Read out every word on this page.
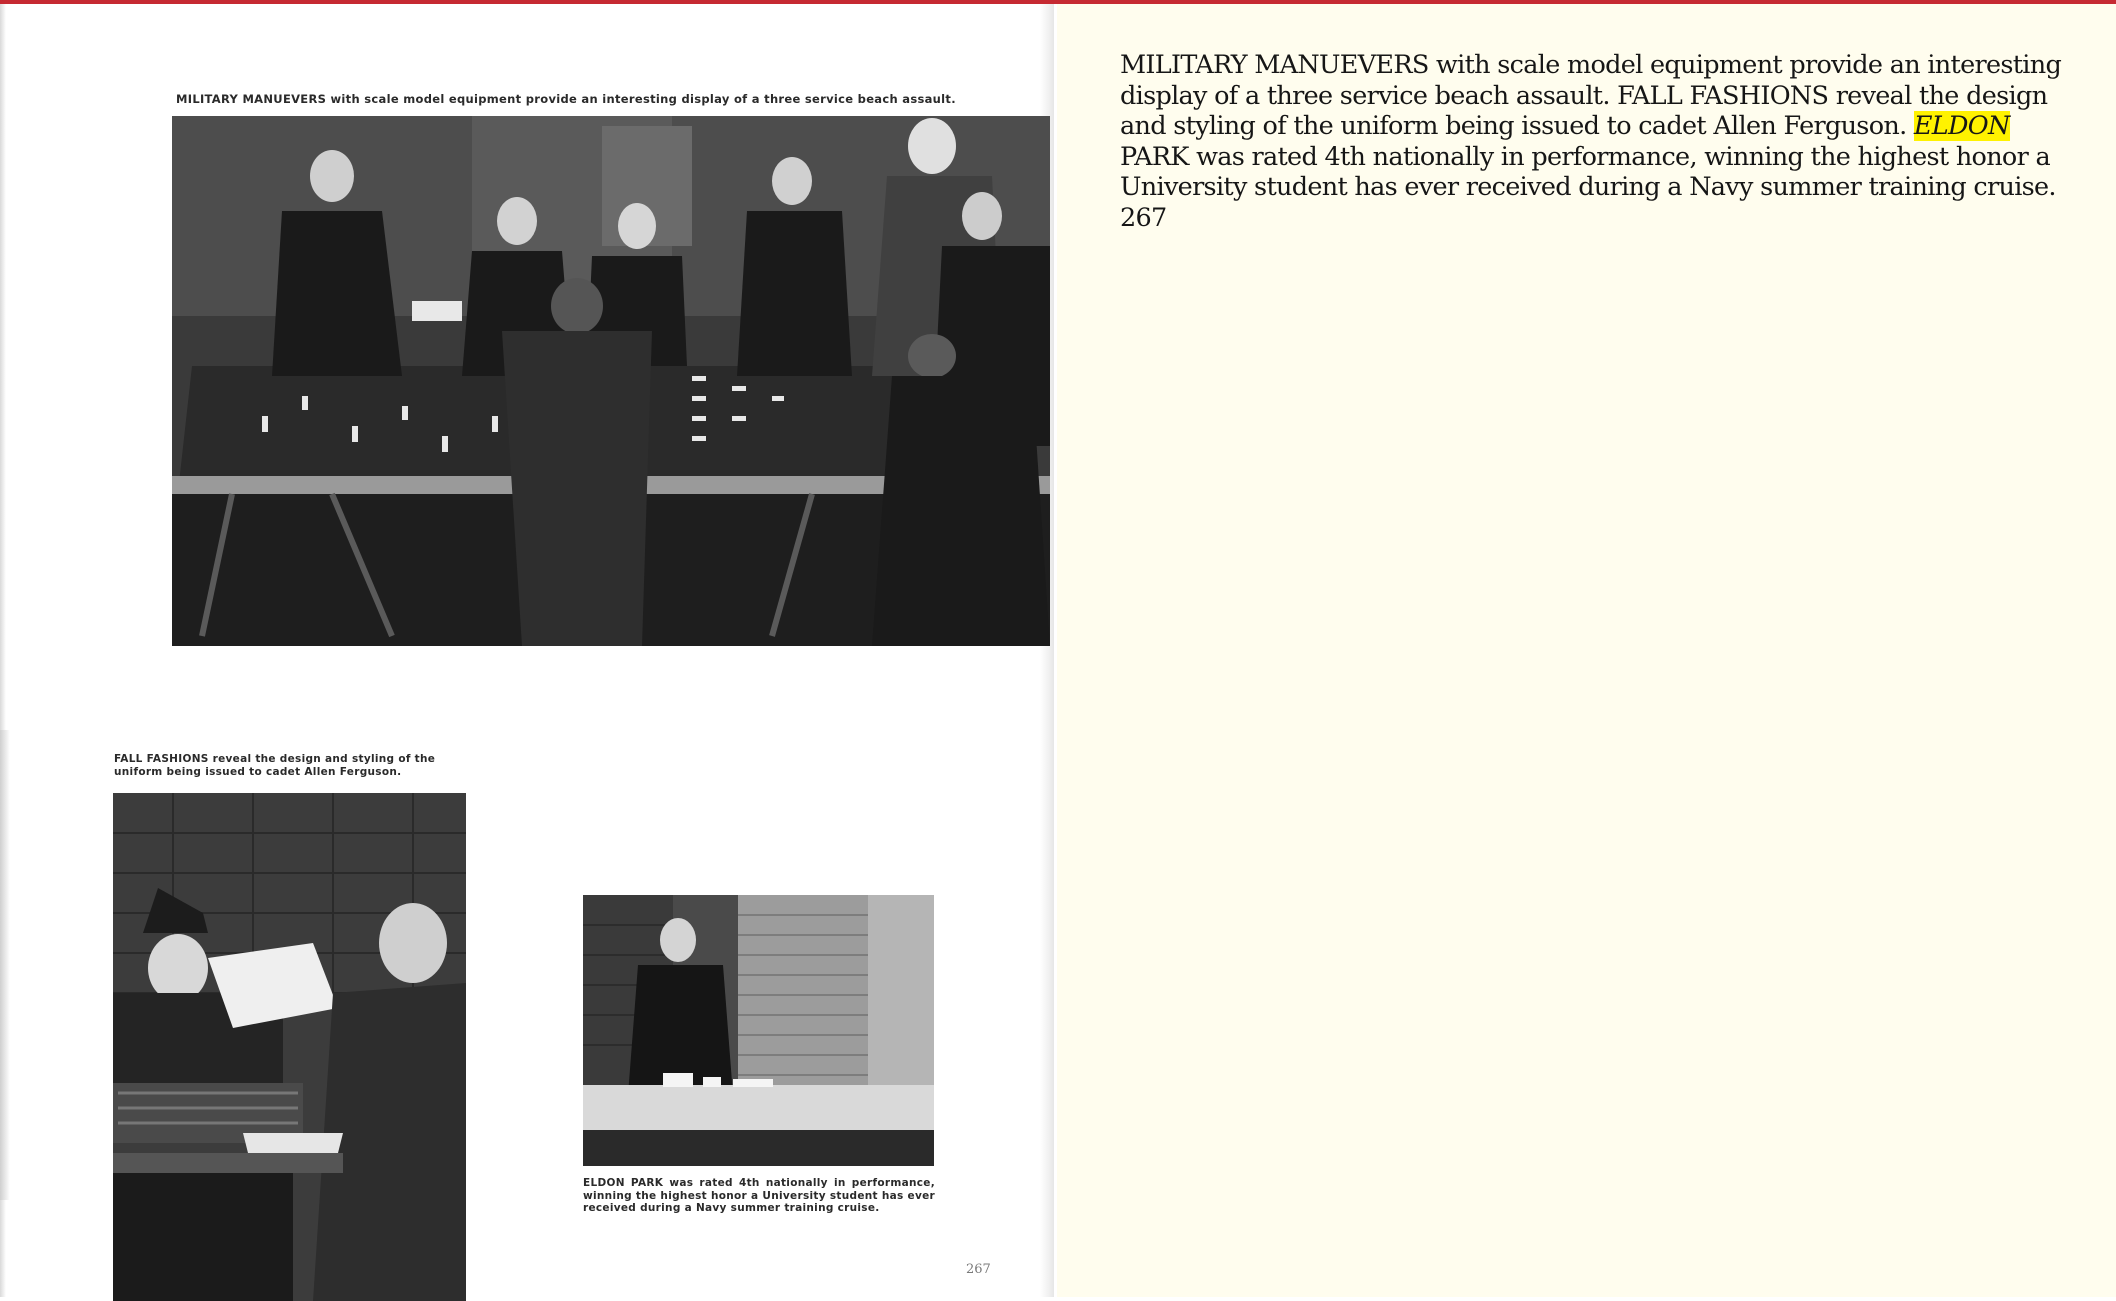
MILITARY MANUEVERS with scale model equipment provide an interesting display of a three service beach assault.

FALL FASHIONS reveal the design and styling of the uniform being issued to cadet Allen Ferguson.

ELDON PARK was rated 4th nationally in performance, winning the highest honor a University student has ever received during a Navy summer training cruise.

267

MILITARY MANUEVERS with scale model equipment provide an interesting display of a three service beach assault. FALL FASHIONS reveal the design and styling of the uniform being issued to cadet Allen Ferguson. ELDON PARK was rated 4th nationally in performance, winning the highest honor a University student has ever received during a Navy summer training cruise. 267
